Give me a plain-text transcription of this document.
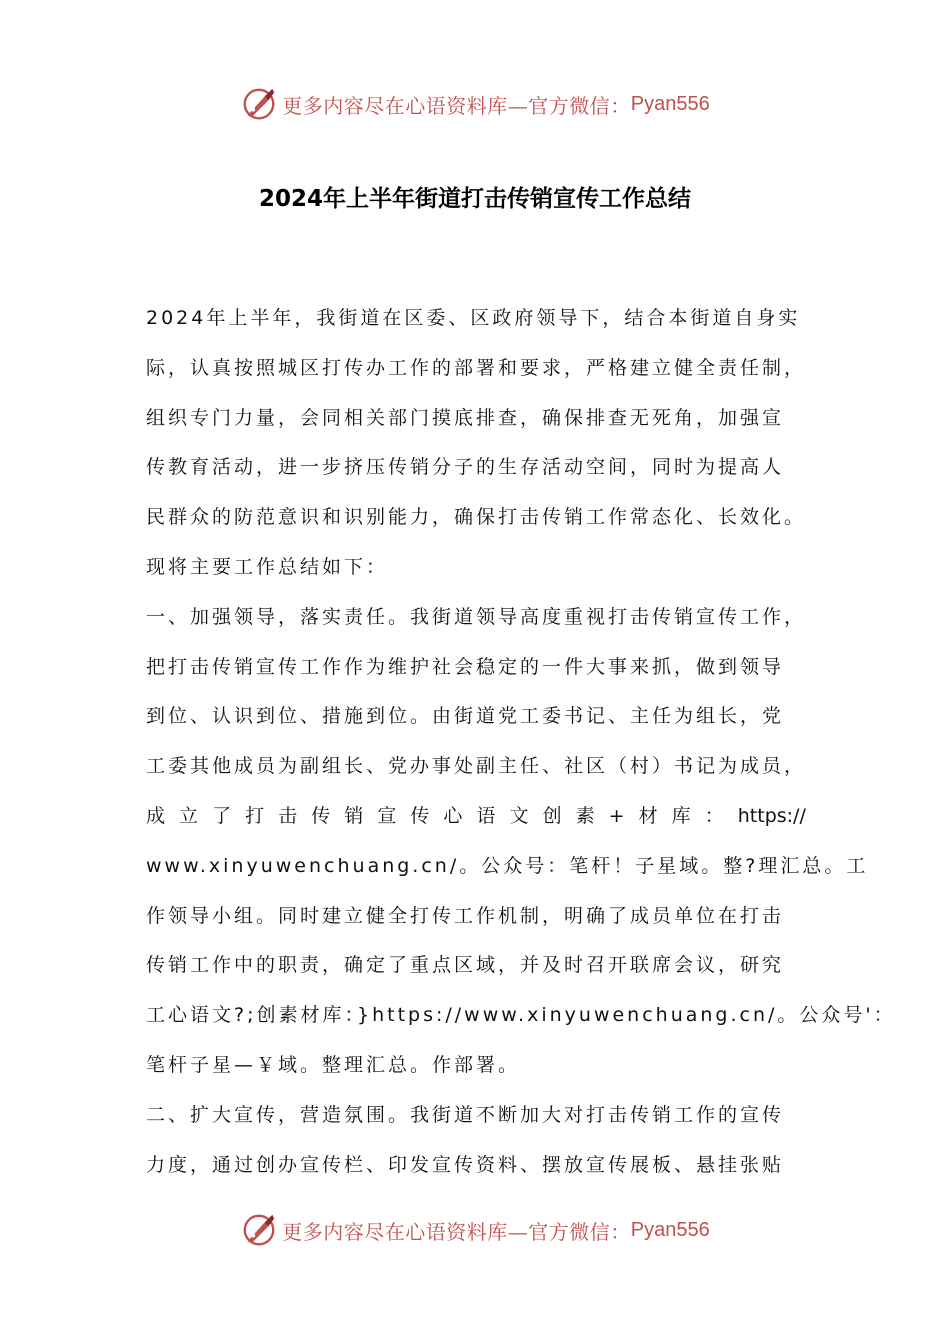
更多内容尽在心语资料库—官方微信： Pyan556
2024年上半年街道打击传销宣传工作总结
2024年上半年，我街道在区委、区政府领导下，结合本街道自身实
际，认真按照城区打传办工作的部署和要求，严格建立健全责任制，
组织专门力量，会同相关部门摸底排查，确保排查无死角，加强宣
传教育活动，进一步挤压传销分子的生存活动空间，同时为提高人
民群众的防范意识和识别能力，确保打击传销工作常态化、长效化。
现将主要工作总结如下：
一、加强领导，落实责任。我街道领导高度重视打击传销宣传工作，
把打击传销宣传工作作为维护社会稳定的一件大事来抓，做到领导
到位、认识到位、措施到位。由街道党工委书记、主任为组长，党
工委其他成员为副组长、党办事处副主任、社区（村）书记为成员，
成 立 了 打 击 传 销 宣 传 心 语 文 创 素 + 材 库 ： https://
www.xinyuwenchuang.cn/。公众号：笔杆！子星域。整?理汇总。工
作领导小组。同时建立健全打传工作机制，明确了成员单位在打击
传销工作中的职责，确定了重点区域，并及时召开联席会议，研究
工心语文?;创素材库：}https://www.xinyuwenchuang.cn/。公众号'：
笔杆子星—￥域。整理汇总。作部署。
二、扩大宣传，营造氛围。我街道不断加大对打击传销工作的宣传
力度，通过创办宣传栏、印发宣传资料、摆放宣传展板、悬挂张贴
更多内容尽在心语资料库—官方微信： Pyan556
